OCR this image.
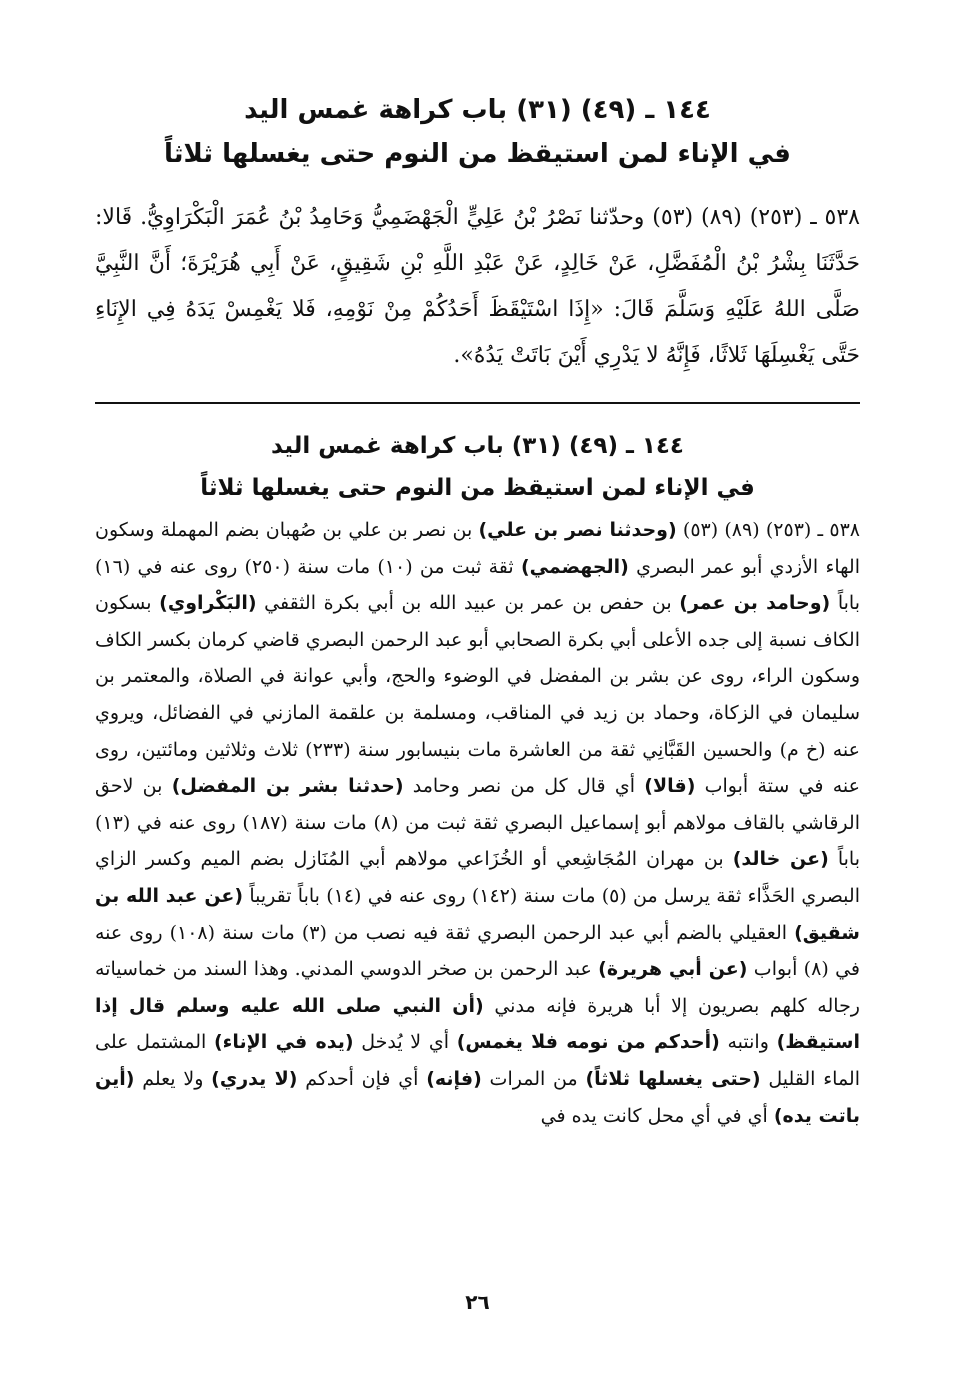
١٤٤ ـ (٤٩) (٣١) باب كراهة غمس اليد
في الإناء لمن استيقظ من النوم حتى يغسلها ثلاثاً
٥٣٨ ـ (٢٥٣) (٨٩) (٥٣) وحدّثنا نَصْرُ بْنُ عَلِيٍّ الْجَهْضَمِيُّ وَحَامِدُ بْنُ عُمَرَ الْبَكْرَاوِيُّ. قَالا: حَدَّثَنَا بِشْرُ بْنُ الْمُفَضَّلِ، عَنْ خَالِدٍ، عَنْ عَبْدِ اللَّهِ بْنِ شَقِيقٍ، عَنْ أَبِي هُرَيْرَةَ؛ أَنَّ النَّبِيَّ صَلَّى اللهُ عَلَيْهِ وَسَلَّمَ قَالَ: «إِذَا اسْتَيْقَظَ أَحَدُكُمْ مِنْ نَوْمِهِ، فَلا يَغْمِسْ يَدَهُ فِي الإِنَاءِ حَتَّى يَغْسِلَهَا ثَلاثًا، فَإِنَّهُ لا يَدْرِي أَيْنَ بَاتَتْ يَدُهُ».
١٤٤ ـ (٤٩) (٣١) باب كراهة غمس اليد
في الإناء لمن استيقظ من النوم حتى يغسلها ثلاثاً
٥٣٨ ـ (٢٥٣) (٨٩) (٥٣) (وحدثنا نصر بن علي) بن نصر بن علي بن صُهبان بضم المهملة وسكون الهاء الأزدي أبو عمر البصري (الجهضمي) ثقة ثبت من (١٠) مات سنة (٢٥٠) روى عنه في (١٦) باباً (وحامد بن عمر) بن حفص بن عمر بن عبيد الله بن أبي بكرة الثقفي (البَكْراوي) بسكون الكاف نسبة إلى جده الأعلى أبي بكرة الصحابي أبو عبد الرحمن البصري قاضي كرمان بكسر الكاف وسكون الراء، روى عن بشر بن المفضل في الوضوء والحج، وأبي عوانة في الصلاة، والمعتمر بن سليمان في الزكاة، وحماد بن زيد في المناقب، ومسلمة بن علقمة المازني في الفضائل، ويروي عنه (خ م) والحسين القَبَّانِي ثقة من العاشرة مات بنيسابور سنة (٢٣٣) ثلاث وثلاثين ومائتين، روى عنه في ستة أبواب (قالا) أي قال كل من نصر وحامد (حدثنا بشر بن المفضل) بن لاحق الرقاشي بالقاف مولاهم أبو إسماعيل البصري ثقة ثبت من (٨) مات سنة (١٨٧) روى عنه في (١٣) باباً (عن خالد) بن مهران المُجَاشِعي أو الخُزَاعي مولاهم أبي المُنَازل بضم الميم وكسر الزاي البصري الحَذَّاء ثقة يرسل من (٥) مات سنة (١٤٢) روى عنه في (١٤) باباً تقريباً (عن عبد الله بن شقيق) العقيلي بالضم أبي عبد الرحمن البصري ثقة فيه نصب من (٣) مات سنة (١٠٨) روى عنه في (٨) أبواب (عن أبي هريرة) عبد الرحمن بن صخر الدوسي المدني. وهذا السند من خماسياته رجاله كلهم بصريون إلا أبا هريرة فإنه مدني (أن النبي صلى الله عليه وسلم قال إذا استيقظ) وانتبه (أحدكم من نومه فلا يغمس) أي لا يُدخل (يده في الإناء) المشتمل على الماء القليل (حتى يغسلها ثلاثاً) من المرات (فإنه) أي فإن أحدكم (لا يدري) ولا يعلم (أين باتت يده) أي في أي محل كانت يده في
٢٦
